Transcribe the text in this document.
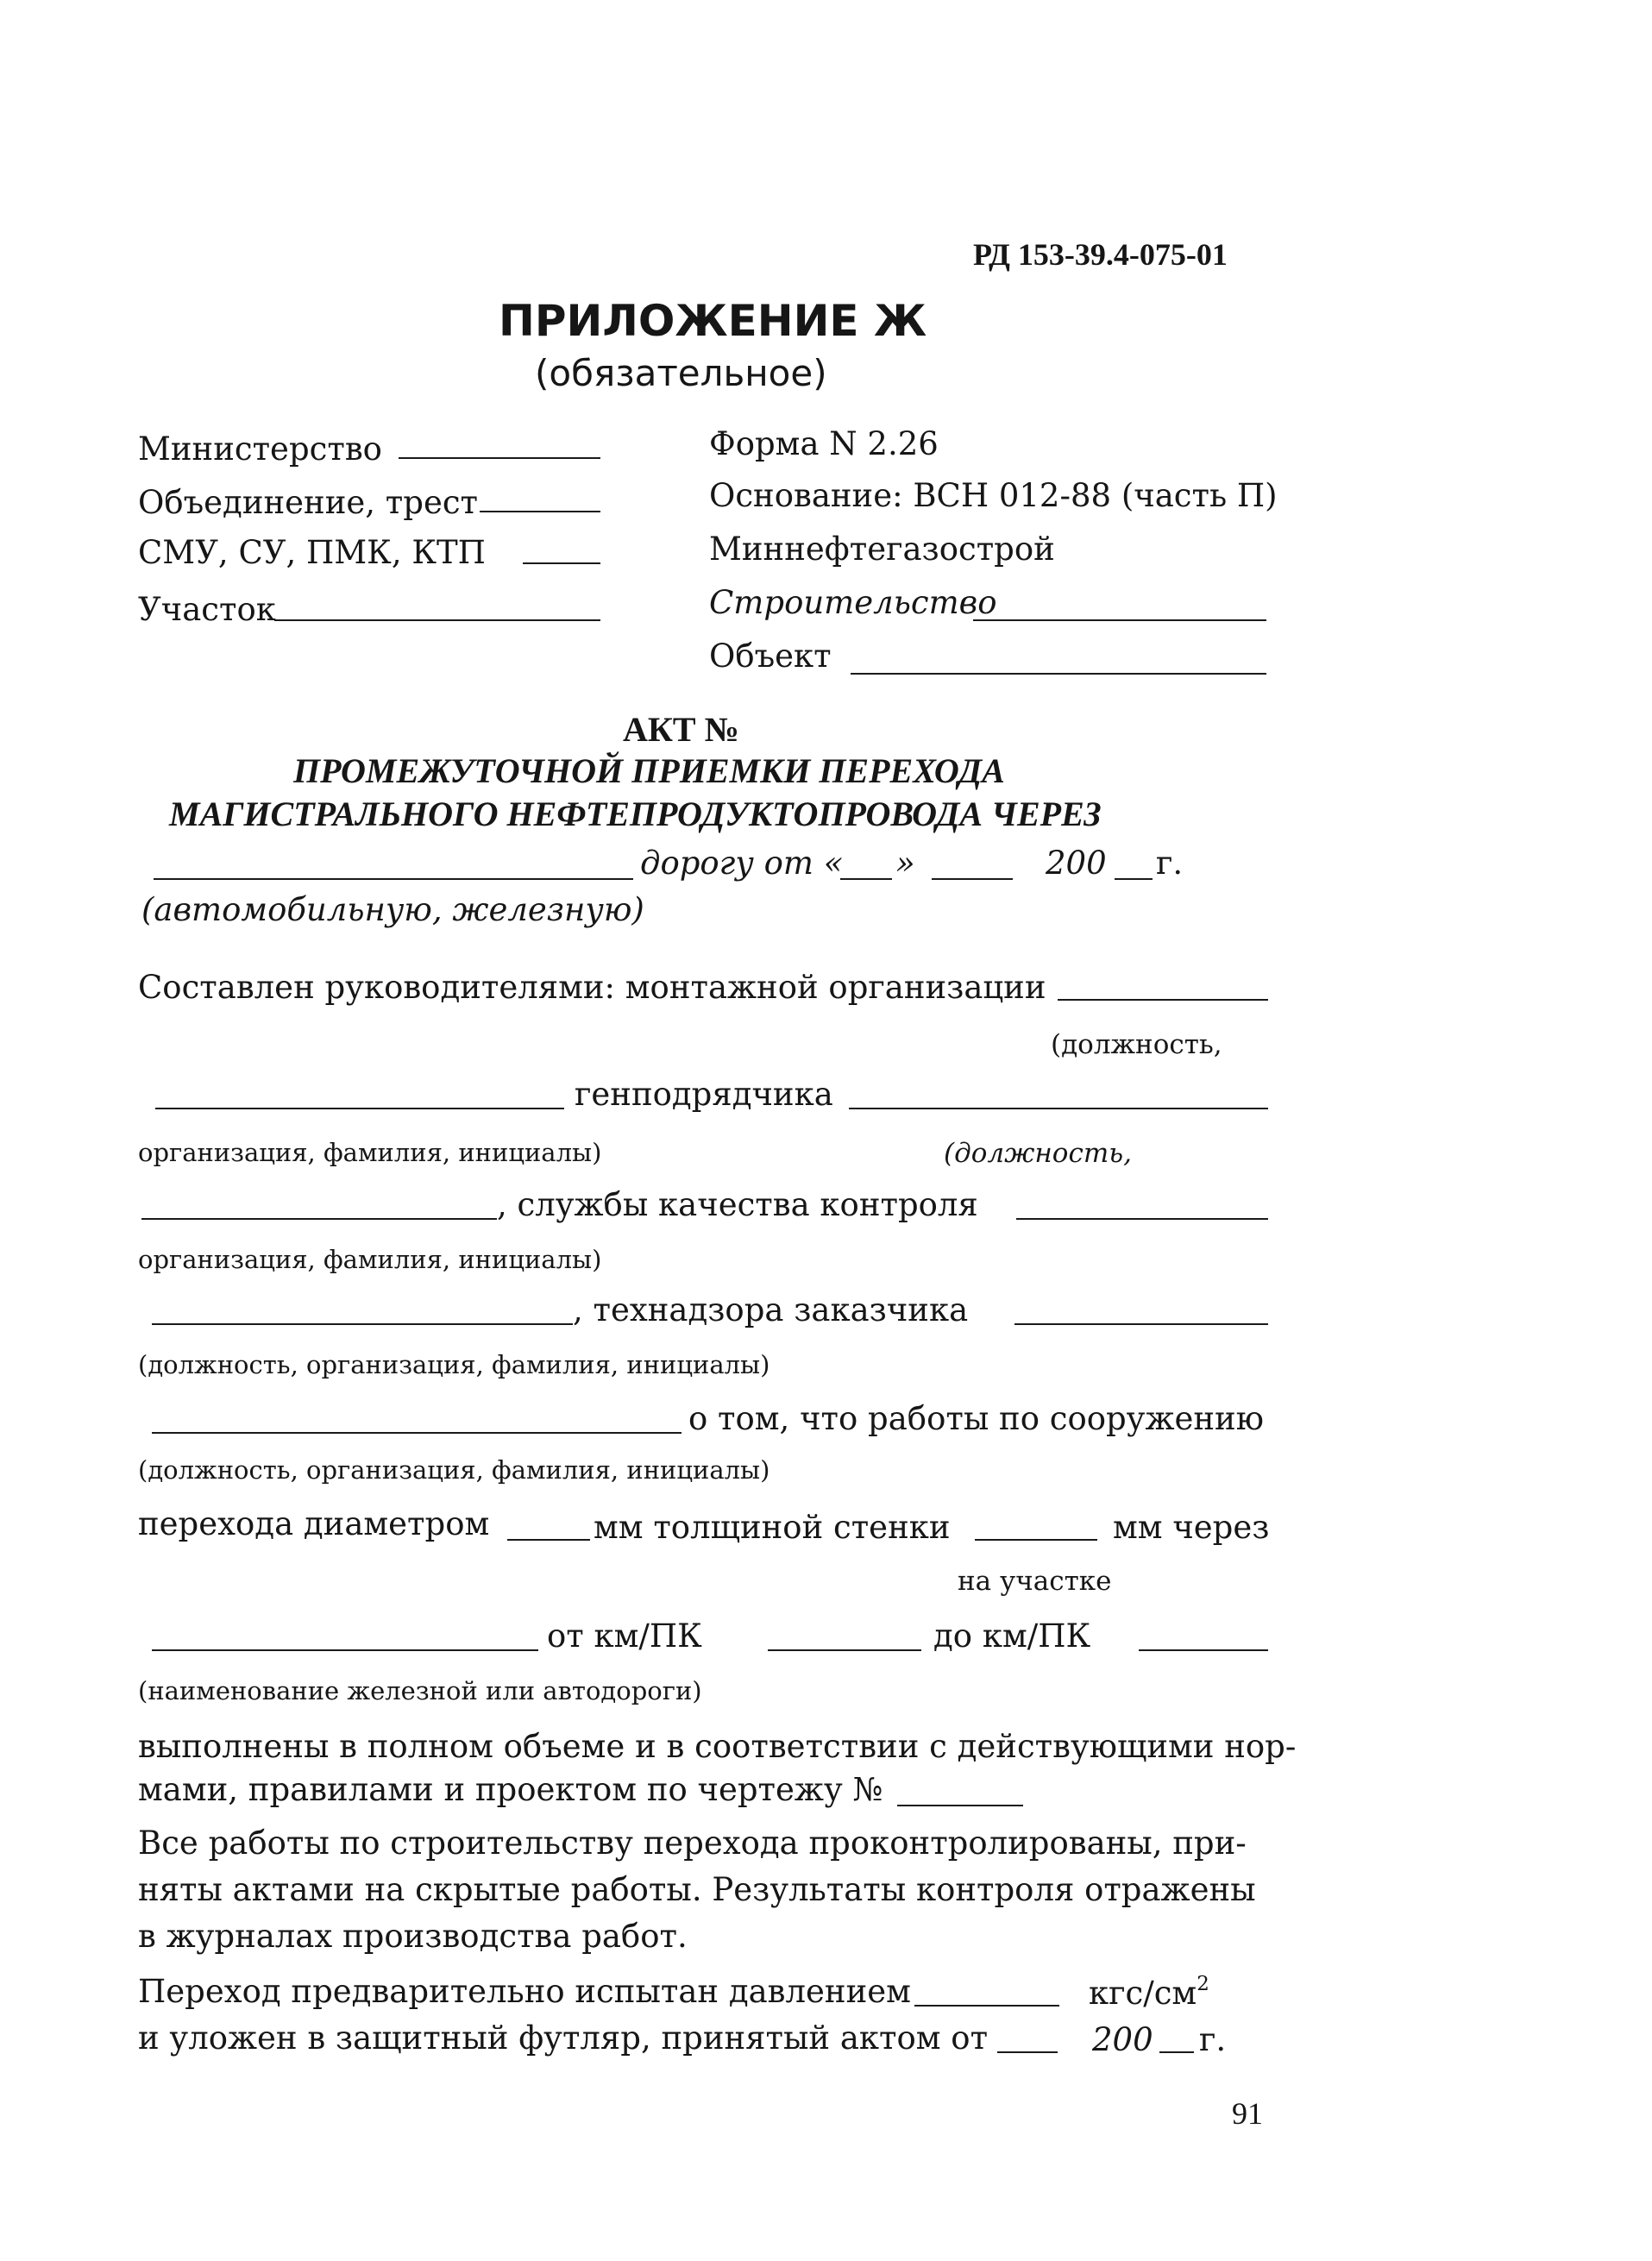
РД 153-39.4-075-01
ПРИЛОЖЕНИЕ Ж
(обязательное)
Министерство
Объединение, трест
СМУ, СУ, ПМК, КТП
Участок
Форма N 2.26
Основание: ВСН 012-88 (часть П)
Миннефтегазострой
Строительство
Объект
АКТ №
ПРОМЕЖУТОЧНОЙ ПРИЕМКИ ПЕРЕХОДА
МАГИСТРАЛЬНОГО НЕФТЕПРОДУКТОПРОВОДА ЧЕРЕЗ
дорогу от « »	200 г.
(автомобильную, железную)
Составлен руководителями: монтажной организации
(должность,
генподрядчика
организация, фамилия, инициалы)	(должность,
, службы качества контроля
организация, фамилия, инициалы)
, технадзора заказчика
(должность, организация, фамилия, инициалы)
о том, что работы по сооружению
(должность, организация, фамилия, инициалы)
перехода диаметром	мм толщиной стенки	мм через
на участке
от км/ПК	до км/ПК
(наименование железной или автодороги)
выполнены в полном объеме и в соответствии с действующими нор-
мами, правилами и проектом по чертежу №
Все работы по строительству перехода проконтролированы, при-
няты актами на скрытые работы. Результаты контроля отражены
в журналах производства работ.
Переход предварительно испытан давлением	кгс/$см^2$
и уложен в защитный футляр, принятый актом от	200 г.
91
